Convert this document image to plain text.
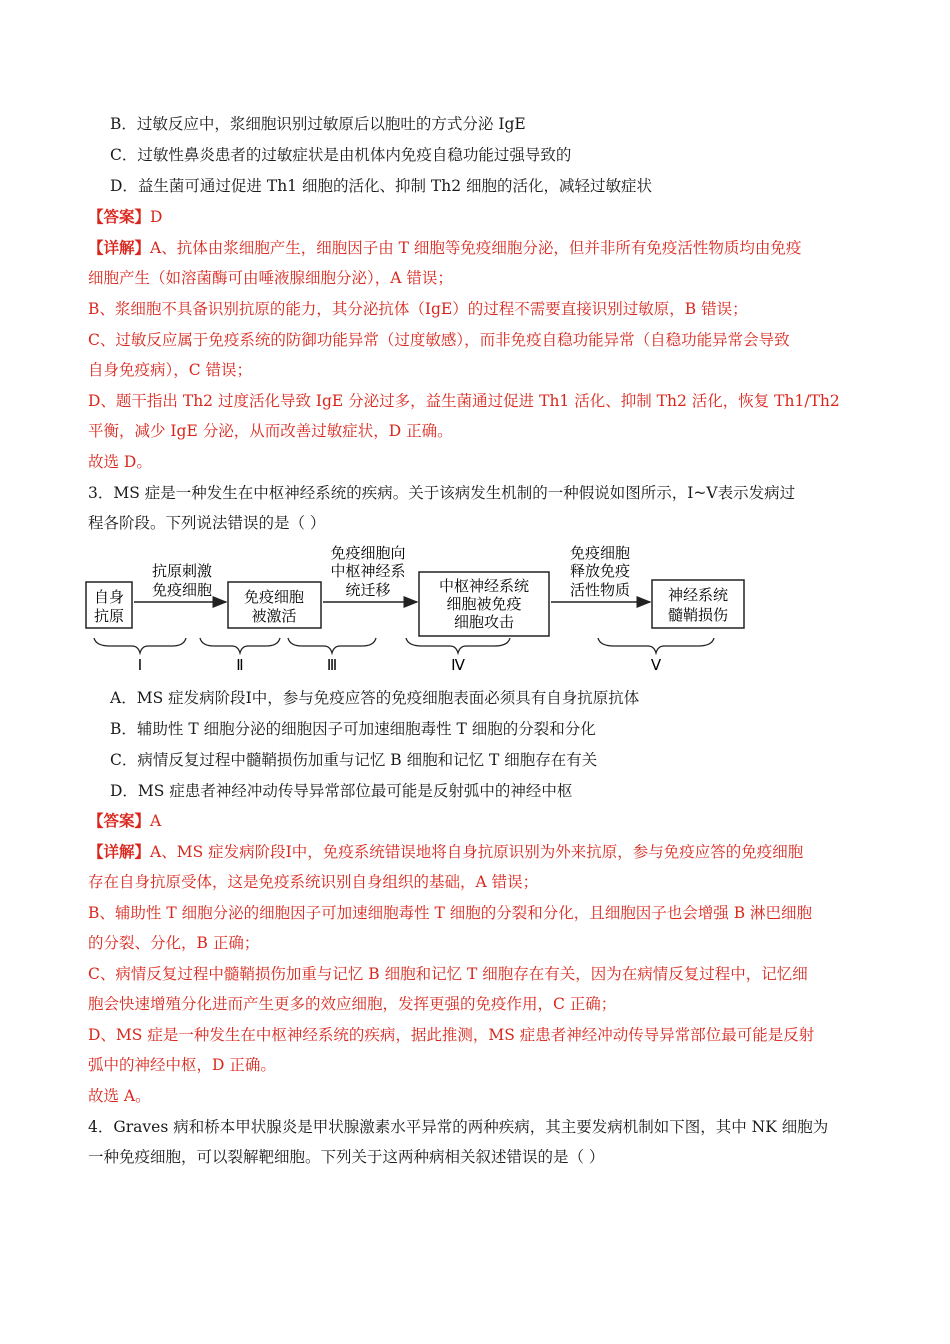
B．过敏反应中，浆细胞识别过敏原后以胞吐的方式分泌 IgE
C．过敏性鼻炎患者的过敏症状是由机体内免疫自稳功能过强导致的
D．益生菌可通过促进 Th1 细胞的活化、抑制 Th2 细胞的活化，减轻过敏症状
【答案】D
【详解】A、抗体由浆细胞产生，细胞因子由 T 细胞等免疫细胞分泌，但并非所有免疫活性物质均由免疫
细胞产生（如溶菌酶可由唾液腺细胞分泌），A 错误；
B、浆细胞不具备识别抗原的能力，其分泌抗体（IgE）的过程不需要直接识别过敏原，B 错误；
C、过敏反应属于免疫系统的防御功能异常（过度敏感），而非免疫自稳功能异常（自稳功能异常会导致
自身免疫病），C 错误；
D、题干指出 Th2 过度活化导致 IgE 分泌过多，益生菌通过促进 Th1 活化、抑制 Th2 活化，恢复 Th1/Th2
平衡，减少 IgE 分泌，从而改善过敏症状，D 正确。
故选 D。
3．MS 症是一种发生在中枢神经系统的疾病。关于该病发生机制的一种假说如图所示，Ⅰ~Ⅴ表示发病过
程各阶段。下列说法错误的是（ ）
自身
抗原
抗原刺激
免疫细胞 免疫细胞
被激活
免疫细胞向
中枢神经系
统迁移	中枢神经系统
细胞被免疫
细胞攻击
免疫细胞
释放免疫
活性物质	神经系统
髓鞘损伤
Ⅰ	Ⅱ	Ⅲ	Ⅳ	Ⅴ
A．MS 症发病阶段Ⅰ中，参与免疫应答的免疫细胞表面必须具有自身抗原抗体
B．辅助性 T 细胞分泌的细胞因子可加速细胞毒性 T 细胞的分裂和分化
C．病情反复过程中髓鞘损伤加重与记忆 B 细胞和记忆 T 细胞存在有关
D．MS 症患者神经冲动传导异常部位最可能是反射弧中的神经中枢
【答案】A
【详解】A、MS 症发病阶段Ⅰ中，免疫系统错误地将自身抗原识别为外来抗原，参与免疫应答的免疫细胞
存在自身抗原受体，这是免疫系统识别自身组织的基础，A 错误；
B、辅助性 T 细胞分泌的细胞因子可加速细胞毒性 T 细胞的分裂和分化，且细胞因子也会增强 B 淋巴细胞
的分裂、分化，B 正确；
C、病情反复过程中髓鞘损伤加重与记忆 B 细胞和记忆 T 细胞存在有关，因为在病情反复过程中，记忆细
胞会快速增殖分化进而产生更多的效应细胞，发挥更强的免疫作用，C 正确；
D、MS 症是一种发生在中枢神经系统的疾病，据此推测，MS 症患者神经冲动传导异常部位最可能是反射
弧中的神经中枢，D 正确。
故选 A。
4．Graves 病和桥本甲状腺炎是甲状腺激素水平异常的两种疾病，其主要发病机制如下图，其中 NK 细胞为
一种免疫细胞，可以裂解靶细胞。下列关于这两种病相关叙述错误的是（ ）
